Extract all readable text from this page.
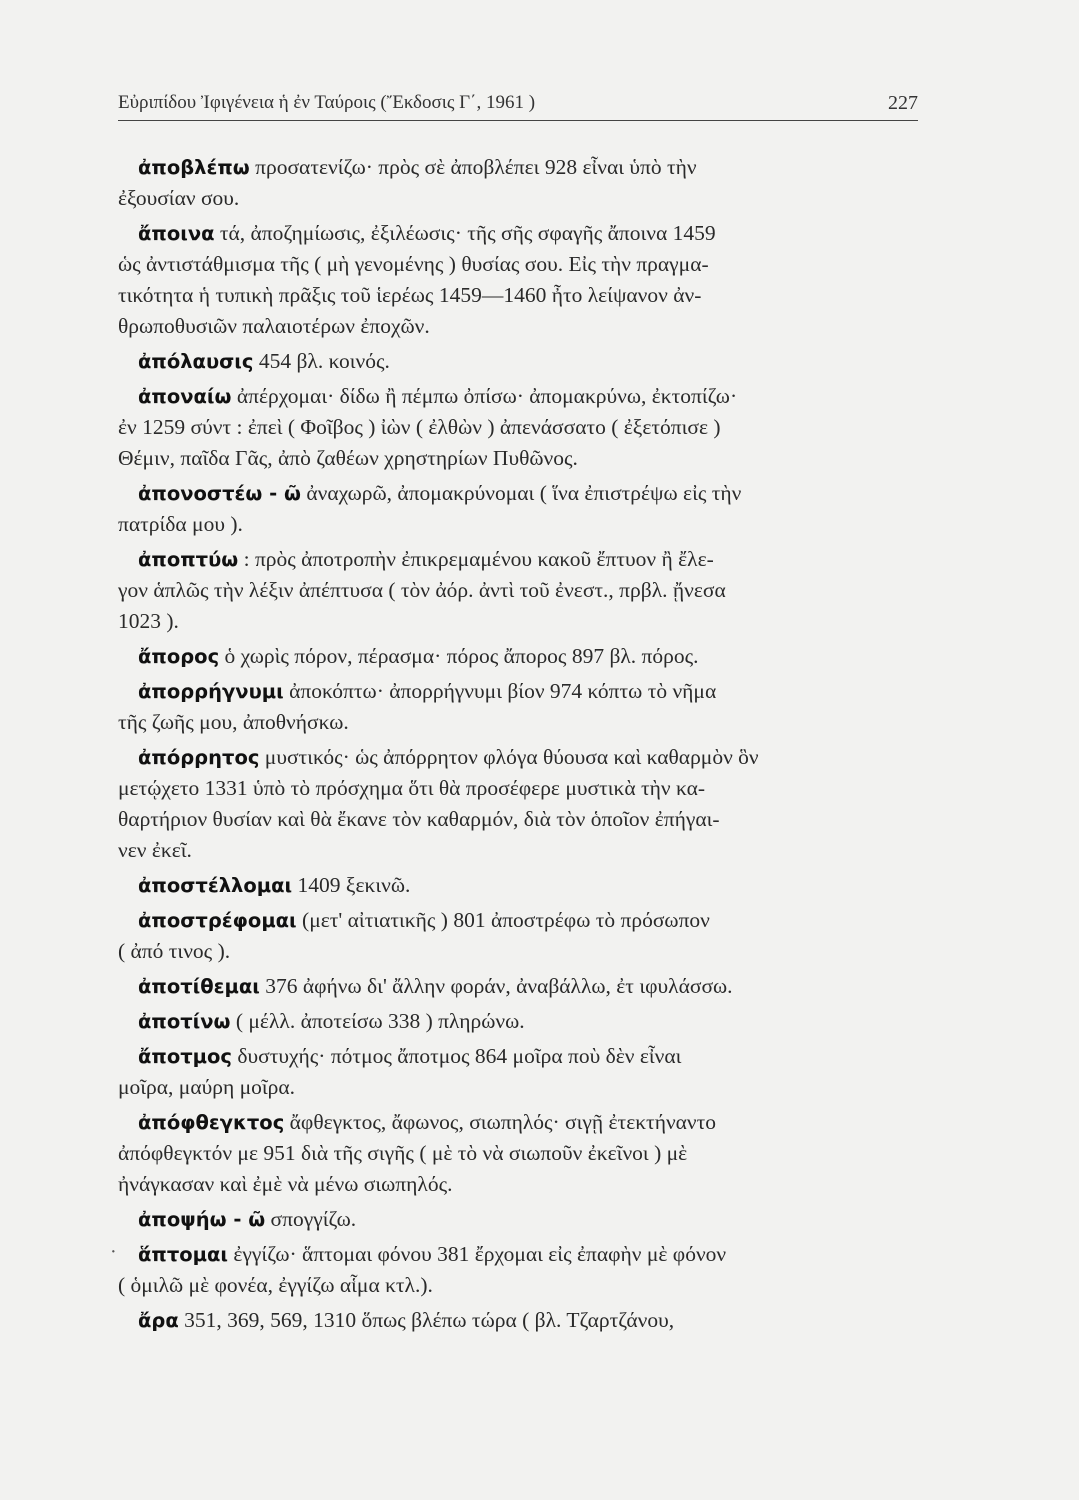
Εὐριπίδου Ἰφιγένεια ἡ ἐν Ταύροις (Ἔκδοσις Γ΄, 1961 )	227
ἀποβλέπω προσατενίζω· πρὸς σὲ ἀποβλέπει 928 εἶναι ὑπὸ τὴν
ἐξουσίαν σου.
ἄποινα τά, ἀποζημίωσις, ἐξιλέωσις· τῆς σῆς σφαγῆς ἄποινα 1459
ὡς ἀντιστάθμισμα τῆς ( μὴ γενομένης ) θυσίας σου. Εἰς τὴν πραγμα-
τικότητα ἡ τυπικὴ πρᾶξις τοῦ ἱερέως 1459—1460 ἦτο λείψανον ἀν-
θρωποθυσιῶν παλαιοτέρων ἐποχῶν.
ἀπόλαυσις 454 βλ. κοινός.
ἀποναίω ἀπέρχομαι· δίδω ἢ πέμπω ὀπίσω· ἀπομακρύνω, ἐκτοπίζω·
ἐν 1259 σύντ : ἐπεὶ ( Φοῖβος ) ἰὼν ( ἐλθὼν ) ἀπενάσσατο ( ἐξετόπισε )
Θέμιν, παῖδα Γᾶς, ἀπὸ ζαθέων χρηστηρίων Πυθῶνος.
ἀπονοστέω - ῶ ἀναχωρῶ, ἀπομακρύνομαι ( ἵνα ἐπιστρέψω εἰς τὴν
πατρίδα μου ).
ἀποπτύω : πρὸς ἀποτροπὴν ἐπικρεμαμένου κακοῦ ἔπτυον ἢ ἔλε-
γον ἁπλῶς τὴν λέξιν ἀπέπτυσα ( τὸν ἀόρ. ἀντὶ τοῦ ἐνεστ., πρβλ. ᾔνεσα
1023 ).
ἄπορος ὁ χωρὶς πόρον, πέρασμα· πόρος ἄπορος 897 βλ. πόρος.
ἀπορρήγνυμι ἀποκόπτω· ἀπορρήγνυμι βίον 974 κόπτω τὸ νῆμα
τῆς ζωῆς μου, ἀποθνήσκω.
ἀπόρρητος μυστικός· ὡς ἀπόρρητον φλόγα θύουσα καὶ καθαρμὸν ὃν
μετῴχετο 1331 ὑπὸ τὸ πρόσχημα ὅτι θὰ προσέφερε μυστικὰ τὴν κα-
θαρτήριον θυσίαν καὶ θὰ ἔκανε τὸν καθαρμόν, διὰ τὸν ὁποῖον ἐπήγαι-
νεν ἐκεῖ.
ἀποστέλλομαι 1409 ξεκινῶ.
ἀποστρέφομαι (μετ' αἰτιατικῆς ) 801 ἀποστρέφω τὸ πρόσωπον
( ἀπό τινος ).
ἀποτίθεμαι 376 ἀφήνω δι' ἄλλην φοράν, ἀναβάλλω, ἐτ ιφυλάσσω.
ἀποτίνω ( μέλλ. ἀποτείσω 338 ) πληρώνω.
ἄποτμος δυστυχής· πότμος ἄποτμος 864 μοῖρα ποὺ δὲν εἶναι
μοῖρα, μαύρη μοῖρα.
ἀπόφθεγκτος ἄφθεγκτος, ἄφωνος, σιωπηλός· σιγῇ ἐτεκτήναντο
ἀπόφθεγκτόν με 951 διὰ τῆς σιγῆς ( μὲ τὸ νὰ σιωποῦν ἐκεῖνοι ) μὲ
ἠνάγκασαν καὶ ἐμὲ νὰ μένω σιωπηλός.
ἀποψήω - ῶ σπογγίζω.
· ἅπτομαι ἐγγίζω· ἅπτομαι φόνου 381 ἔρχομαι εἰς ἐπαφὴν μὲ φόνον
( ὁμιλῶ μὲ φονέα, ἐγγίζω αἷμα κτλ.).
ἄρα 351, 369, 569, 1310 ὅπως βλέπω τώρα ( βλ. Τζαρτζάνου,
